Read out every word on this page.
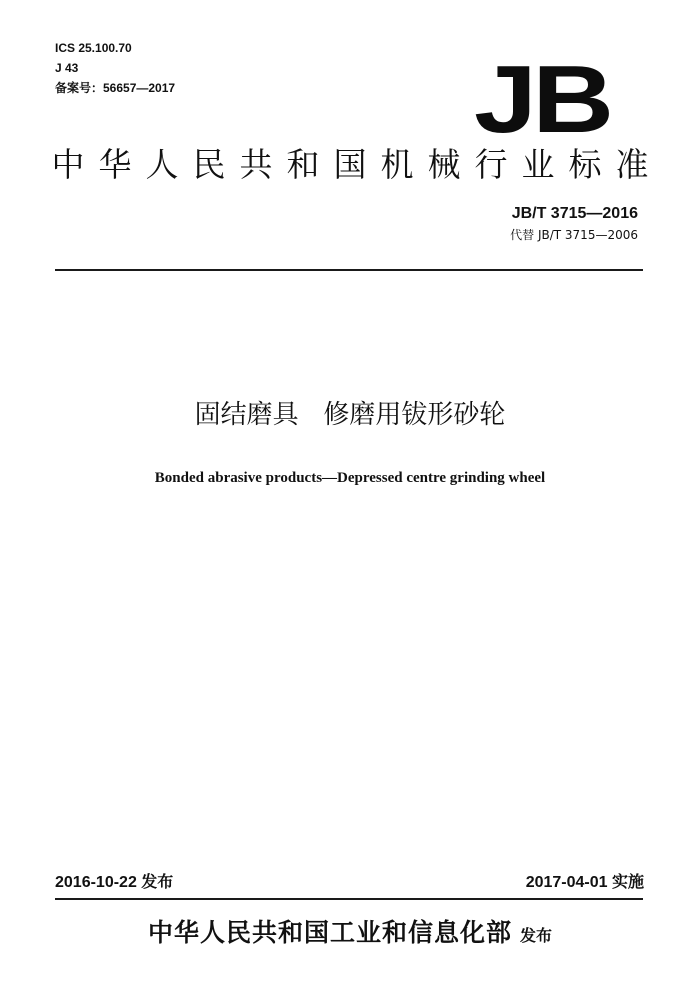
ICS 25.100.70
J 43
备案号：56657—2017	JB
中华人民共和国机械行业标准
JB/T 3715—2016
代替 JB/T 3715—2006
固结磨具   修磨用钹形砂轮
Bonded abrasive products—Depressed centre grinding wheel
2016-10-22 发布	2017-04-01 实施
中华人民共和国工业和信息化部 发布
